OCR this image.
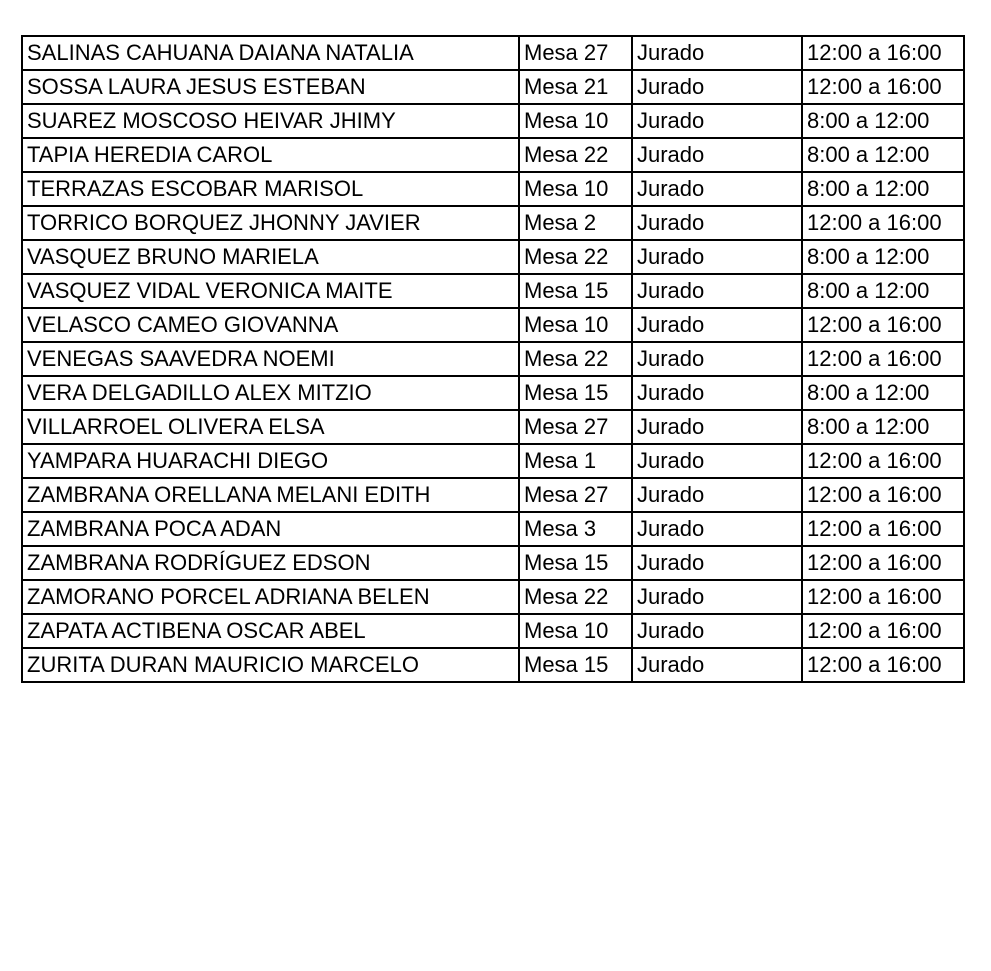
SALINAS CAHUANA DAIANA NATALIA	Mesa 27	Jurado	12:00 a 16:00
SOSSA LAURA JESUS ESTEBAN	Mesa 21	Jurado	12:00 a 16:00
SUAREZ MOSCOSO HEIVAR JHIMY	Mesa 10	Jurado	8:00 a 12:00
TAPIA HEREDIA CAROL	Mesa 22	Jurado	8:00 a 12:00
TERRAZAS ESCOBAR MARISOL	Mesa 10	Jurado	8:00 a 12:00
TORRICO BORQUEZ JHONNY JAVIER	Mesa 2	Jurado	12:00 a 16:00
VASQUEZ BRUNO MARIELA	Mesa 22	Jurado	8:00 a 12:00
VASQUEZ VIDAL VERONICA MAITE	Mesa 15	Jurado	8:00 a 12:00
VELASCO CAMEO GIOVANNA	Mesa 10	Jurado	12:00 a 16:00
VENEGAS SAAVEDRA NOEMI	Mesa 22	Jurado	12:00 a 16:00
VERA DELGADILLO ALEX MITZIO	Mesa 15	Jurado	8:00 a 12:00
VILLARROEL OLIVERA ELSA	Mesa 27	Jurado	8:00 a 12:00
YAMPARA HUARACHI DIEGO	Mesa 1	Jurado	12:00 a 16:00
ZAMBRANA ORELLANA MELANI EDITH	Mesa 27	Jurado	12:00 a 16:00
ZAMBRANA POCA ADAN	Mesa 3	Jurado	12:00 a 16:00
ZAMBRANA RODRÍGUEZ EDSON	Mesa 15	Jurado	12:00 a 16:00
ZAMORANO PORCEL ADRIANA BELEN	Mesa 22	Jurado	12:00 a 16:00
ZAPATA ACTIBENA OSCAR ABEL	Mesa 10	Jurado	12:00 a 16:00
ZURITA DURAN MAURICIO MARCELO	Mesa 15	Jurado	12:00 a 16:00
